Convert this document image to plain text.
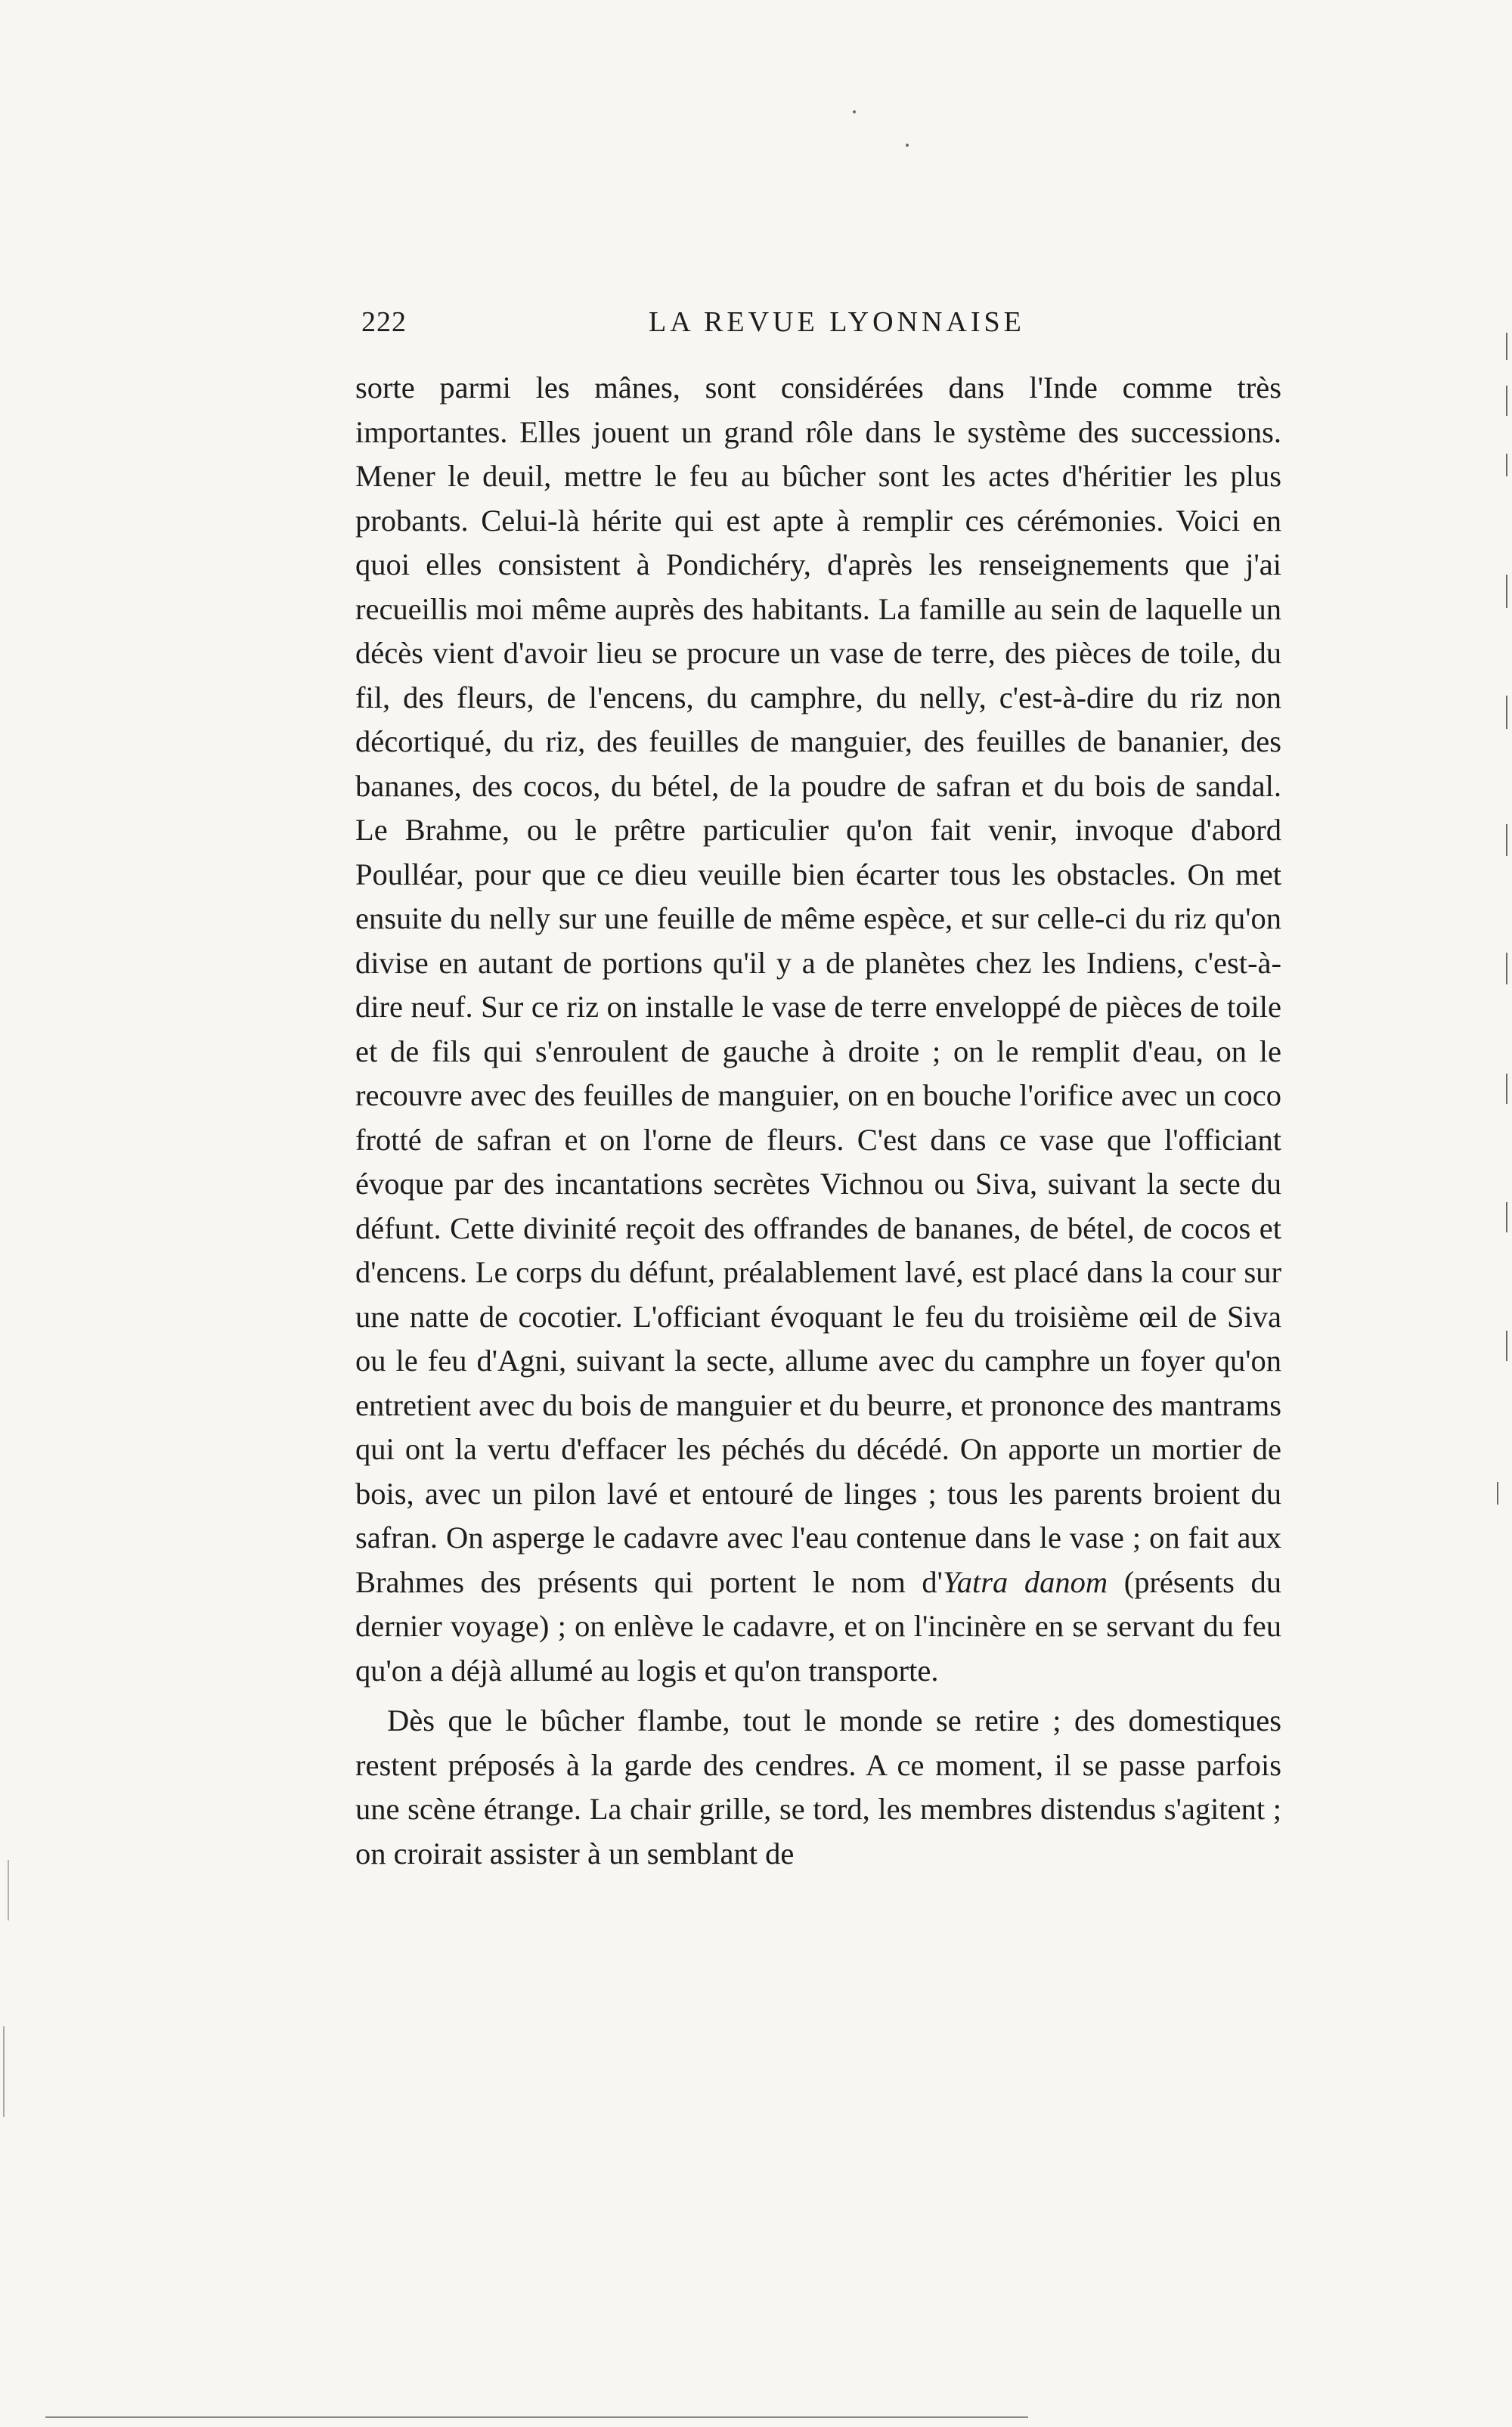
222	LA REVUE LYONNAISE

sorte parmi les mânes, sont considérées dans l'Inde comme très importantes. Elles jouent un grand rôle dans le système des successions. Mener le deuil, mettre le feu au bûcher sont les actes d'héritier les plus probants. Celui-là hérite qui est apte à remplir ces cérémonies. Voici en quoi elles consistent à Pondichéry, d'après les renseignements que j'ai recueillis moi même auprès des habitants. La famille au sein de laquelle un décès vient d'avoir lieu se procure un vase de terre, des pièces de toile, du fil, des fleurs, de l'encens, du camphre, du nelly, c'est-à-dire du riz non décortiqué, du riz, des feuilles de manguier, des feuilles de bananier, des bananes, des cocos, du bétel, de la poudre de safran et du bois de sandal. Le Brahme, ou le prêtre particulier qu'on fait venir, invoque d'abord Poulléar, pour que ce dieu veuille bien écarter tous les obstacles. On met ensuite du nelly sur une feuille de même espèce, et sur celle-ci du riz qu'on divise en autant de portions qu'il y a de planètes chez les Indiens, c'est-à-dire neuf. Sur ce riz on installe le vase de terre enveloppé de pièces de toile et de fils qui s'enroulent de gauche à droite ; on le remplit d'eau, on le recouvre avec des feuilles de manguier, on en bouche l'orifice avec un coco frotté de safran et on l'orne de fleurs. C'est dans ce vase que l'officiant évoque par des incantations secrètes Vichnou ou Siva, suivant la secte du défunt. Cette divinité reçoit des offrandes de bananes, de bétel, de cocos et d'encens. Le corps du défunt, préalablement lavé, est placé dans la cour sur une natte de cocotier. L'officiant évoquant le feu du troisième œil de Siva ou le feu d'Agni, suivant la secte, allume avec du camphre un foyer qu'on entretient avec du bois de manguier et du beurre, et prononce des mantrams qui ont la vertu d'effacer les péchés du décédé. On apporte un mortier de bois, avec un pilon lavé et entouré de linges ; tous les parents broient du safran. On asperge le cadavre avec l'eau contenue dans le vase ; on fait aux Brahmes des présents qui portent le nom d'Yatra danom (présents du dernier voyage) ; on enlève le cadavre, et on l'incinère en se servant du feu qu'on a déjà allumé au logis et qu'on transporte.

Dès que le bûcher flambe, tout le monde se retire ; des domestiques restent préposés à la garde des cendres. A ce moment, il se passe parfois une scène étrange. La chair grille, se tord, les membres distendus s'agitent ; on croirait assister à un semblant de
